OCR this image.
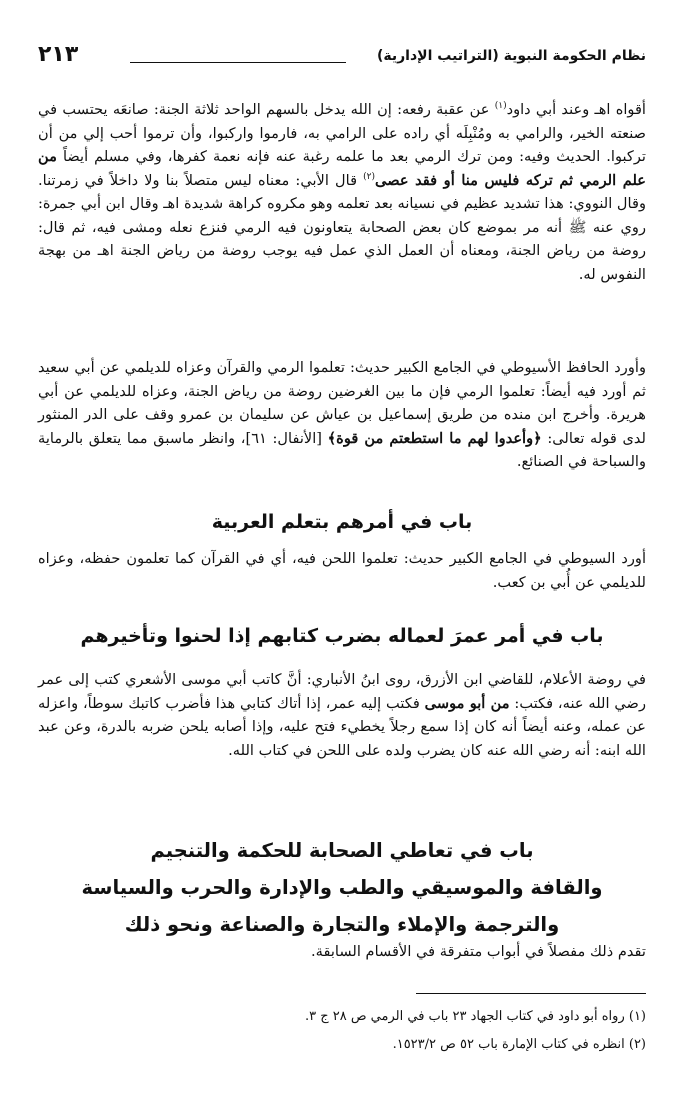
نظام الحكومة النبوية (التراتيب الإدارية)
٢١٣

أقواه اهـ وعند أبي داود$^{(١)}$ عن عقبة رفعه: إن الله يدخل بالسهم الواحد ثلاثة الجنة: صانعَه يحتسب في صنعته الخير، والرامي به ومُنْبِلَه أي راده على الرامي به، فارموا واركبوا، وأن ترموا أحب إلي من أن تركبوا. الحديث وفيه: ومن ترك الرمي بعد ما علمه رغبة عنه فإنه نعمة كفرها، وفي مسلم أيضاً من علم الرمي ثم تركه فليس منا أو فقد عصى$^{(٢)}$ قال الأبي: معناه ليس متصلاً بنا ولا داخلاً في زمرتنا. وقال النووي: هذا تشديد عظيم في نسيانه بعد تعلمه وهو مكروه كراهة شديدة اهـ وقال ابن أبي جمرة: روي عنه ﷺ أنه مر بموضع كان بعض الصحابة يتعاونون فيه الرمي فنزع نعله ومشى فيه، ثم قال: روضة من رياض الجنة، ومعناه أن العمل الذي عمل فيه يوجب روضة من رياض الجنة اهـ من بهجة النفوس له.

وأورد الحافظ الأسيوطي في الجامع الكبير حديث: تعلموا الرمي والقرآن وعزاه للديلمي عن أبي سعيد ثم أورد فيه أيضاً: تعلموا الرمي فإن ما بين الغرضين روضة من رياض الجنة، وعزاه للديلمي عن أبي هريرة. وأخرج ابن منده من طريق إسماعيل بن عياش عن سليمان بن عمرو وقف على الدر المنثور لدى قوله تعالى: ﴿وأعدوا لهم ما استطعتم من قوة﴾ [الأنفال: ٦١]، وانظر ماسبق مما يتعلق بالرماية والسباحة في الصنائع.

باب في أمرهم بتعلم العربية

أورد السيوطي في الجامع الكبير حديث: تعلموا اللحن فيه، أي في القرآن كما تعلمون حفظه، وعزاه للديلمي عن أُبي بن كعب.

باب في أمر عمرَ لعماله بضرب كتابهم إذا لحنوا وتأخيرهم

في روضة الأعلام، للقاضي ابن الأزرق، روى ابنُ الأنباري: أنَّ كاتب أبي موسى الأشعري كتب إلى عمر رضي الله عنه، فكتب: من أبو موسى فكتب إليه عمر، إذا أتاك كتابي هذا فأضرب كاتبك سوطاً، واعزله عن عمله، وعنه أيضاً أنه كان إذا سمع رجلاً يخطيء فتح عليه، وإذا أصابه يلحن ضربه بالدرة، وعن عبد الله ابنه: أنه رضي الله عنه كان يضرب ولده على اللحن في كتاب الله.

باب في تعاطي الصحابة للحكمة والتنجيم
والقافة والموسيقي والطب والإدارة والحرب والسياسة
والترجمة والإملاء والتجارة والصناعة ونحو ذلك

تقدم ذلك مفصلاً في أبواب متفرقة في الأقسام السابقة.

(١) رواه أبو داود في كتاب الجهاد ٢٣ باب في الرمي ص ٢٨ ج ٣.
(٢) انظره في كتاب الإمارة باب ٥٢ ص ١٥٢٣/٢.
